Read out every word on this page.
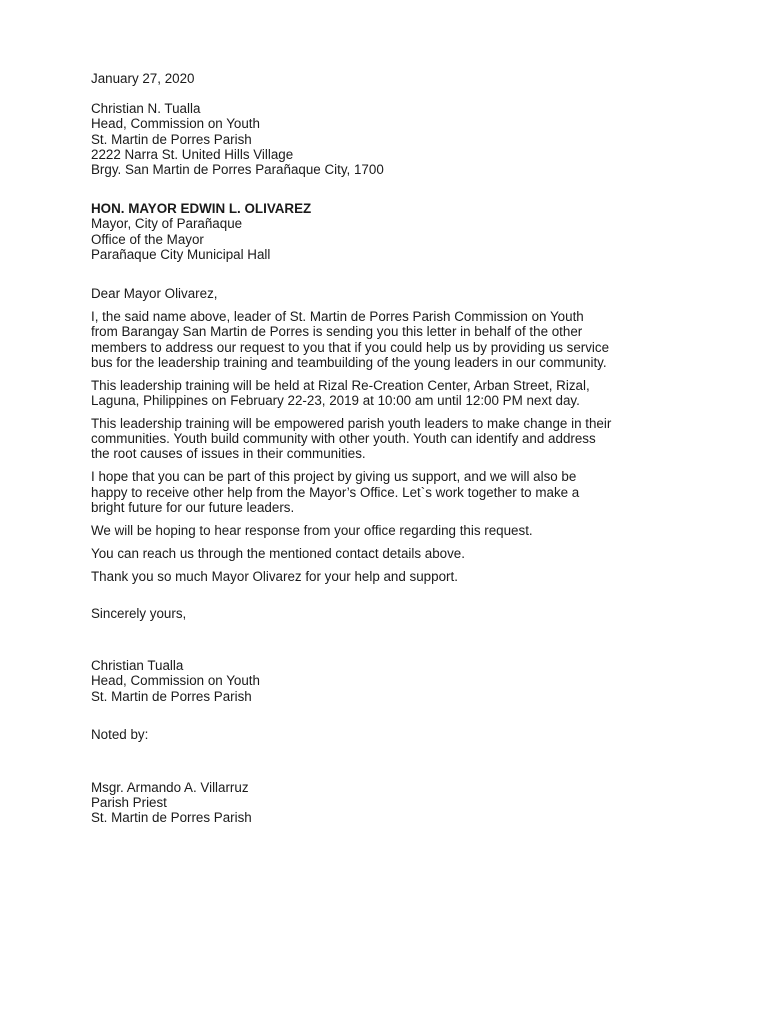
January 27, 2020
Christian N. Tualla
Head, Commission on Youth
St. Martin de Porres Parish
2222 Narra St. United Hills Village
Brgy. San Martin de Porres Parañaque City, 1700
HON. MAYOR EDWIN L. OLIVAREZ
Mayor, City of Parañaque
Office of the Mayor
Parañaque City Municipal Hall
Dear Mayor Olivarez,
I, the said name above, leader of St. Martin de Porres Parish Commission on Youth
from Barangay San Martin de Porres is sending you this letter in behalf of the other
members to address our request to you that if you could help us by providing us service
bus for the leadership training and teambuilding of the young leaders in our community.
This leadership training will be held at Rizal Re-Creation Center, Arban Street, Rizal,
Laguna, Philippines on February 22-23, 2019 at 10:00 am until 12:00 PM next day.
This leadership training will be empowered parish youth leaders to make change in their
communities. Youth build community with other youth. Youth can identify and address
the root causes of issues in their communities.
I hope that you can be part of this project by giving us support, and we will also be
happy to receive other help from the Mayor’s Office. Let`s work together to make a
bright future for our future leaders.
We will be hoping to hear response from your office regarding this request.
You can reach us through the mentioned contact details above.
Thank you so much Mayor Olivarez for your help and support.
Sincerely yours,
Christian Tualla
Head, Commission on Youth
St. Martin de Porres Parish
Noted by:
Msgr. Armando A. Villarruz
Parish Priest
St. Martin de Porres Parish
